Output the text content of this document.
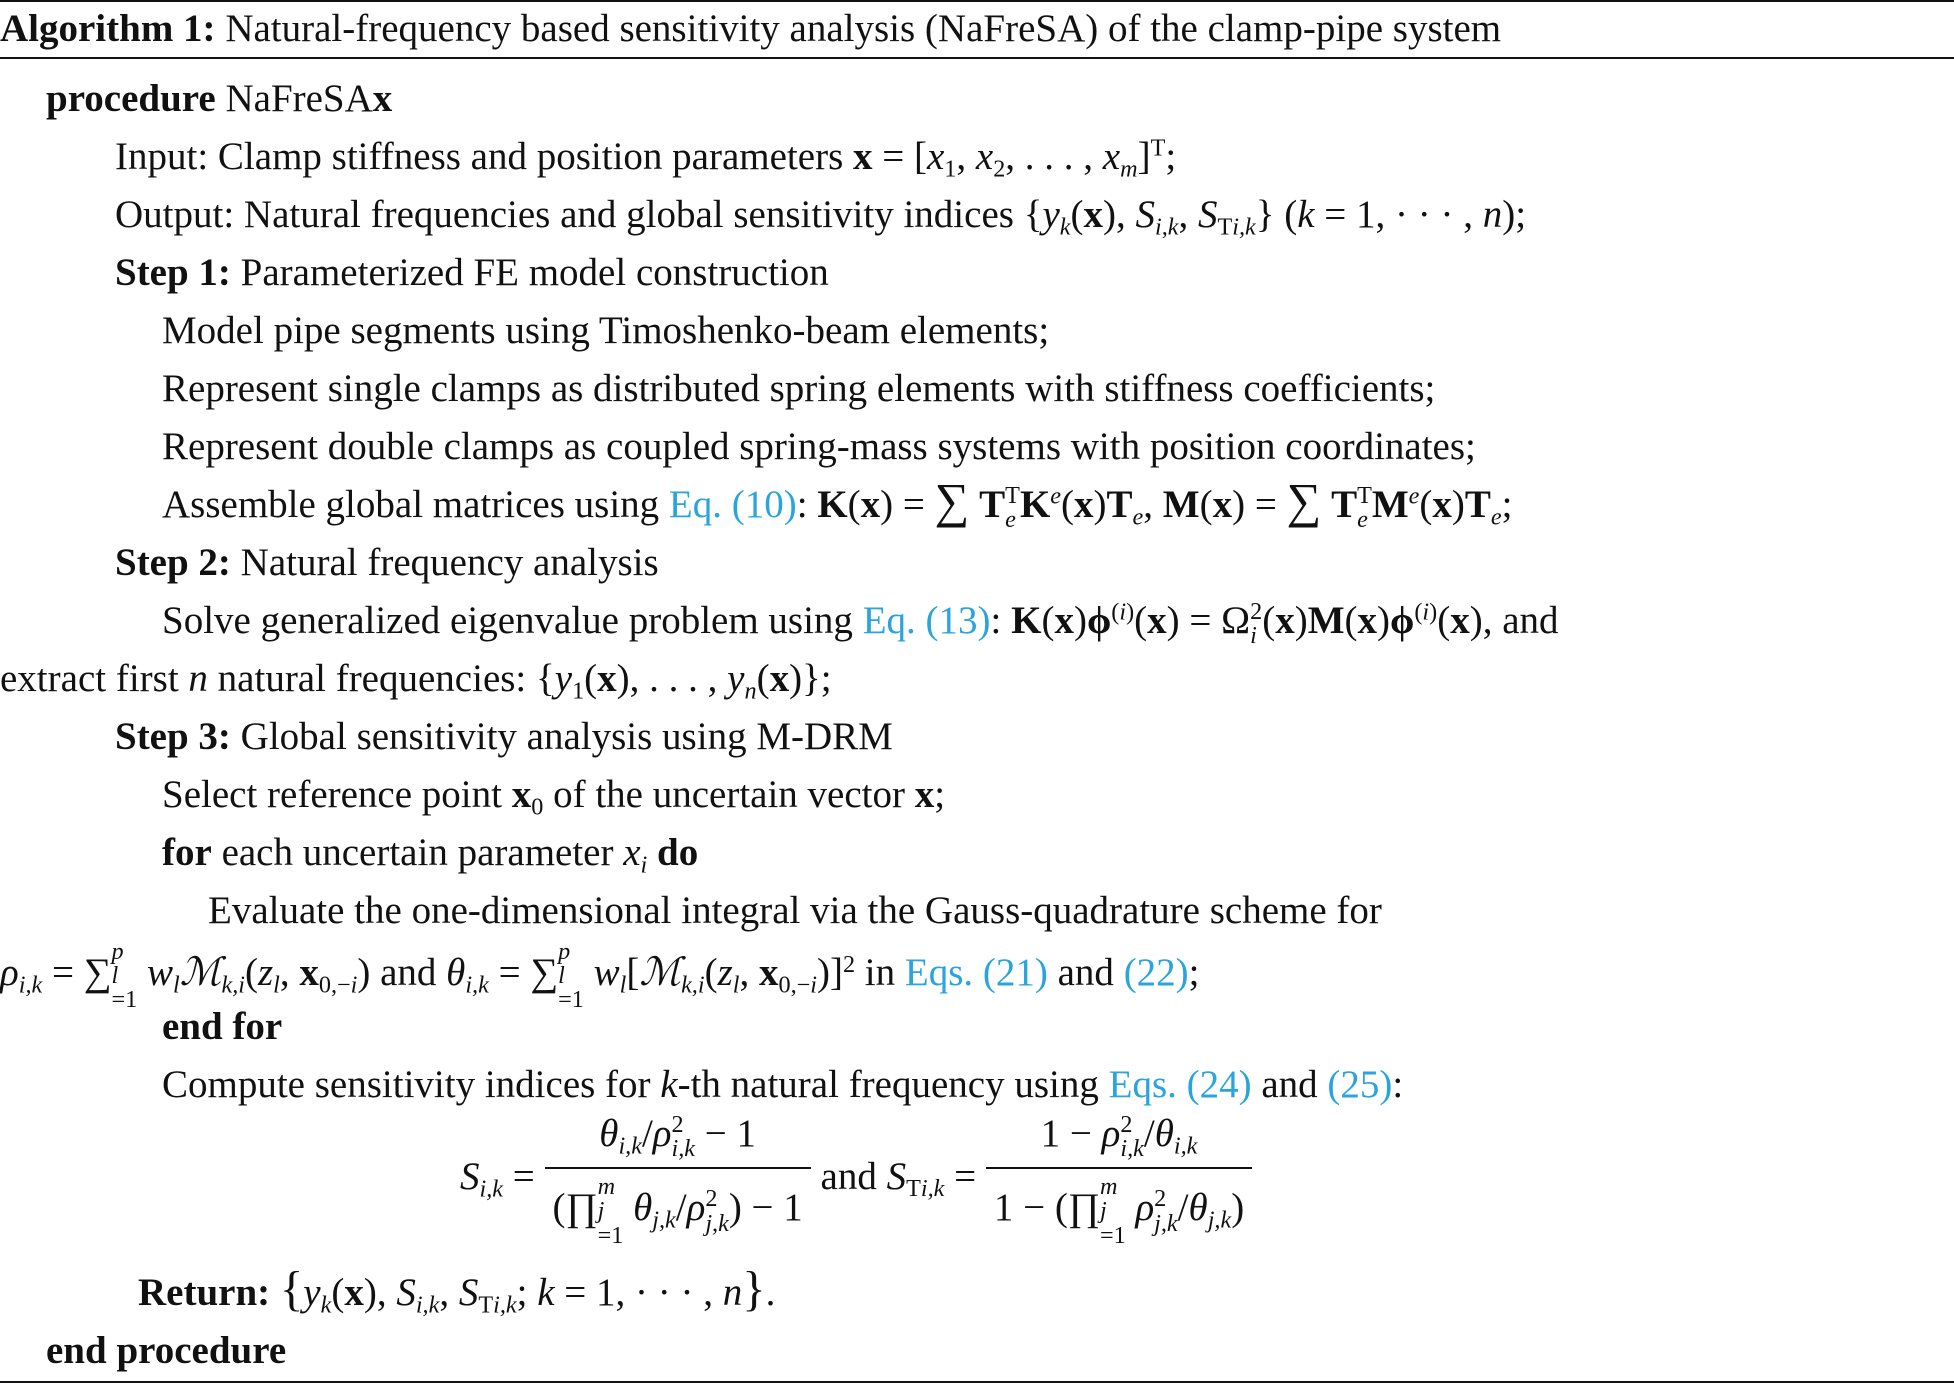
Algorithm 1: Natural-frequency based sensitivity analysis (NaFreSA) of the clamp-pipe system
procedure NaFreSAx
Input: Clamp stiffness and position parameters $x = [x_1$, $x_2$, . . . , $x_m]^T$;
Output: Natural frequencies and global sensitivity indices {$y_k(x)$, $S_{i,k}$, $S_{Ti,k}$} (k = 1, · · · , n);
Step 1: Parameterized FE model construction
Model pipe segments using Timoshenko-beam elements;
Represent single clamps as distributed spring elements with stiffness coefficients;
Represent double clamps as coupled spring-mass systems with position coordinates;
Assemble global matrices using Eq. (10): K(x) = ∑ T T
e $K^e(x)T_e$, M(x) = ∑ T T
e $M^e(x)T_e$;
Step 2: Natural frequency analysis
Solve generalized eigenvalue problem using Eq. (13): $K(x)\phi^{(i)}(x) = \Omega$ 2
i $(x)M(x)\phi^{(i)}(x)$, and
extract first n natural frequencies: {$y_1(x)$, . . . , $y_n(x)$};
Step 3: Global sensitivity analysis using M-DRM
Select reference point $x_0$ of the uncertain vector x;
for each uncertain parameter $x_i$ do
Evaluate the one-dimensional integral via the Gauss-quadrature scheme for
$\rho_{i,k}$ = ∑ p
l
=1
$w_lℳ_{k,i}(z_l$, $x_{0,-i}$) and $\theta_{i,k}$ = ∑ p
l
=1
$w_l[ℳ_{k,i}(z_l$, $x_{0,-i})]^2$ in Eqs. (21) and (22);
end for
Compute sensitivity indices for k-th natural frequency using Eqs. (24) and (25):
$S_{i,k} = \theta_{i,k}/\rho$ 2
i,k − 1
(∏ m
j
=1
$\theta_{j,k}/\rho$ 2
j,k ) − 1 and $S_{Ti,k} = 1 - \rho$ 2
i,k $/\theta_{i,k}$
1 − (∏ m
j
=1
ρ 2
j,k $/\theta_{j,k}$)
Return: {$y_k(x)$, $S_{i,k}$, $S_{Ti,k}$; k = 1, · · · , n}.
end procedure
